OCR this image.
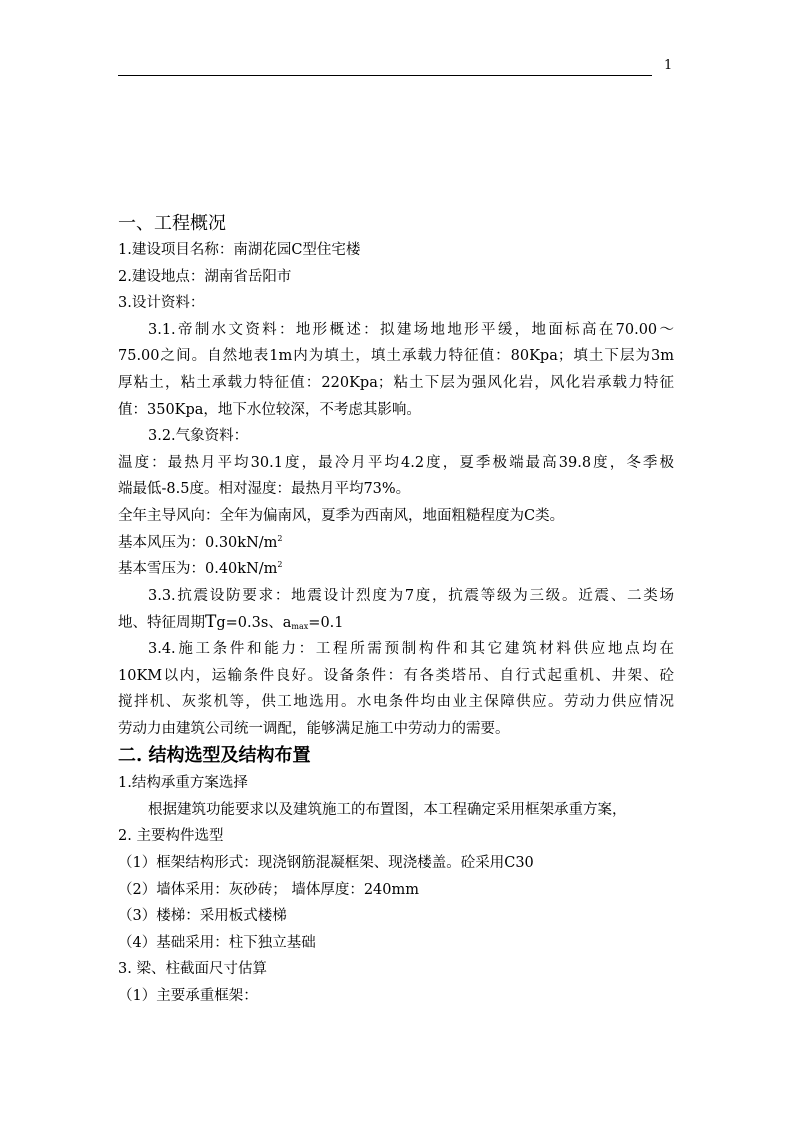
1
一、工程概况
1.建设项目名称：南湖花园C型住宅楼
2.建设地点：湖南省岳阳市
3.设计资料：
3.1.帝制水文资料：地形概述：拟建场地地形平缓，地面标高在70.00～
75.00之间。自然地表1m内为填土，填土承载力特征值：80Kpa；填土下层为3m
厚粘土，粘土承载力特征值：220Kpa；粘土下层为强风化岩，风化岩承载力特征
值：350Kpa，地下水位较深，不考虑其影响。
3.2.气象资料：
温度：最热月平均30.1度，最冷月平均4.2度，夏季极端最高39.8度，冬季极
端最低-8.5度。相对湿度：最热月平均73%。
全年主导风向：全年为偏南风，夏季为西南风，地面粗糙程度为C类。
基本风压为：$0.30kN/m^2$
基本雪压为：$0.40kN/m^2$
3.3.抗震设防要求：地震设计烈度为7度，抗震等级为三级。近震、二类场
地、特征周期Tg=0.3s、$a_{max}=0.1$
3.4.施工条件和能力：工程所需预制构件和其它建筑材料供应地点均在
10KM以内，运输条件良好。设备条件：有各类塔吊、自行式起重机、井架、砼
搅拌机、灰浆机等，供工地选用。水电条件均由业主保障供应。劳动力供应情况
劳动力由建筑公司统一调配，能够满足施工中劳动力的需要。
二. 结构选型及结构布置
1.结构承重方案选择
根据建筑功能要求以及建筑施工的布置图，本工程确定采用框架承重方案，
2. 主要构件选型
（1）框架结构形式：现浇钢筋混凝框架、现浇楼盖。砼采用C30
（2）墙体采用：灰砂砖； 墙体厚度：240mm
（3）楼梯：采用板式楼梯
（4）基础采用：柱下独立基础
3. 梁、柱截面尺寸估算
（1）主要承重框架：
